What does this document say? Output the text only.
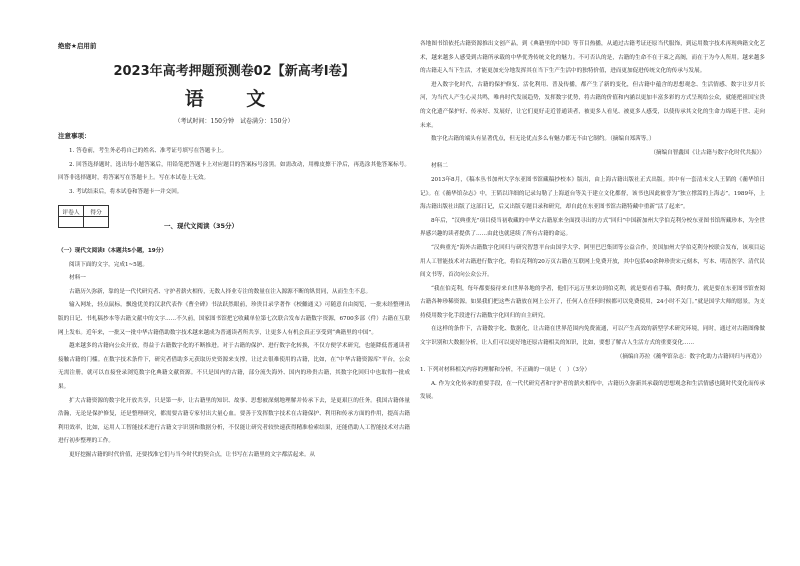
绝密★启用前
2023年高考押题预测卷02【新高考I卷】
语 文
（考试时间：150分钟　试卷满分：150分）
注意事项：

1. 答卷前，考生务必将自己的姓名、准考证号填写在答题卡上。

2. 回答选择题时，选出每小题答案后，用铅笔把答题卡上对应题目的答案标号涂黑。如需改动，用橡皮擦干净后，再选涂其他答案标号。回答非选择题时，将答案写在答题卡上。写在本试卷上无效。

3. 考试结束后，将本试卷和答题卡一并交回。

评卷人	得分

一、现代文阅读（35分）

（一）现代文阅读Ⅰ（本题共5小题，19分）

阅读下面的文字，完成1~5题。

材料一

古籍历久弥新，靠的是一代代研究者、守护者薪火相传，无数人择业专注的数量在注入源源不断的纵贯同，从而生生不息。

输入网址，轻点鼠标，飘逸优美的汉隶代表作《曹全碑》书法跃然眼前，珍贵目录学著作《校雠通义》可随意自由阅览，一批未经整理出版的日记、书札稿抄本等古籍文献中的文字……不久前，国家图书馆把它收藏单位第七次联合发布古籍数字资源，6700多部（件）古籍在互联网上发布。近年来，一批又一批中华古籍借助数字技术越来越成为普通读者所共享，让更多人有机会真正享受到“典籍里的中国”。

越来越多的古籍向公众开放，得益于古籍数字化的不断推进。对于古籍的保护、进行数字化转换，不仅方便学术研究，也能降低普通读者接触古籍的门槛。在数字技术条件下，研究者借助多元获取历史资源来支撑，让过去很难使用的古籍，比如，在“中华古籍资源库”平台，公众无需注册，就可以直接登录浏览数字化典籍文献资源。不只是国内的古籍，部分流失海外、国内的珍贵古籍，其数字化回归中也取得一批成果。

扩大古籍资源的数字化开放共享，只是第一步，让古籍里的知识、故事、思想被深刻地理解并传承下去，是更艰巨的任务。我国古籍体量浩瀚，无论是保护修复，还是整理研究，都需要古籍专家付出大量心血。要善于发挥数字技术在古籍保护、利用和传承方面的作用，提高古籍利用效率，比如，运用人工智能技术进行古籍文字识别和数据分析，不仅能让研究者较快速获得精准检索结果，还能借助人工智能技术对古籍进行初步整理的工作。

更好挖掘古籍的时代价值，还要找准它们与当今时代的契合点，让书写在古籍里的文字都活起来。从

各地图书馆依托古籍资源推出文创产品，到《典籍里的中国》等节目热播，从通过古籍考证还原当代服饰，到运用数字技术再现典籍文化艺术，越来越多人感受到古籍所承载的中华优秀传统文化的魅力。不可否认的是，古籍的生命不在于束之高阁，而在于为今人所用。越来越多的古籍走入当下生活，才能更加充分地发挥其在当下生产生活中的独特价值，进而更加促进传统文化的传承与发展。

进入数字化时代，古籍的保护修复、活化利用、普及传播，都产生了新的变化，但古籍中蕴含的思想观念、生活情感、数字让岁月长河，为当代人产生心灵共鸣，唯冉时代发展趋势，发挥数字优势，将古籍的价值和内涵以更加丰富多彩的方式呈现给公众，就能把祖国宝贵的文化遗产保护好、传承好、发展好，让它们更好走近普通读者，被更多人看见、被更多人感受，以使传承其文化的生命力绵延于世、走向未来。

数字化古籍的端头有显著优点，但无论优点多么有魅力都无不由它制约。（摘编自郑茜等。）

（摘编自智鑫国《让古籍与数字化时代共振》）

材料二

2013年8月，《稿本丛书加州大学东亚图书馆藏稿抄校本》版出，由上海古籍出版社正式出版。其中有一套清末文人王韬的《蘅华馆日记》。在《蘅华馆杂志》中，王韬以详细的记录勾勒了上海道台等关于建立文化都督，该书也因此被誉为“独立撑篙的上海志”。1989年，上海古籍出版社出版了这部日记，后又出版专题目录和研究，却自此在东亚图书馆古籍特藏中重新“活了起来”。

8年后，“汉典重光”项目使当初收藏的中华文古籍原来全面找寻出的方式“回归”中国新加州大学伯克利分校东亚图书馆所藏珍本，为全世界感兴趣的读者提供了……由此也就延续了所有古籍的命运。

“汉典重光”海外古籍数字化回归与研究智慧平台由国学大学、阿里巴巴集团等公益合作，美国加州大学伯克利分校联合发布，该项目运用人工智能技术对古籍进行数字化，将伯克利的20万页古籍在互联网上免费开放，其中包括40余种珍贵宋元刻本，写本、明清医学、清代民间文书等，首次向公众公开。

“我在伯克利，每年都要接待来自世界各地的学者，他们不远万里来访到伯克利，就是要看看手稿，费时费力，就是要在东亚图书馆查阅古籍各种珍稀资源。如果我们把这些古籍放在网上公开了，任何人在任何时候都可以免费使用，24小时不关门。”就是国学大师的愿景，为支持使用数字化手段进行古籍数字化回归的自主研究。

在这样的条件下，古籍数字化、数据化，让古籍在世界范围内免费流通，可以产生高效的新型学术研究环境，同时，通过对古籍图像做文字识别和大数据分析，让人们可以更好地还原古籍相关的知识，比如，要想了解古人生活方式的重要变化……

（摘编自苏拉《蘅华馆杂志：数字化助力古籍回归与再造》）

1. 下列对材料相关内容的理解和分析，不正确的一项是（　）（3分）

A. 作为文化传承的重要手段，在一代代研究者和守护者的薪火相传中，古籍历久弥新其承载的思想观念和生活情感也随时代变化而传承发展。
